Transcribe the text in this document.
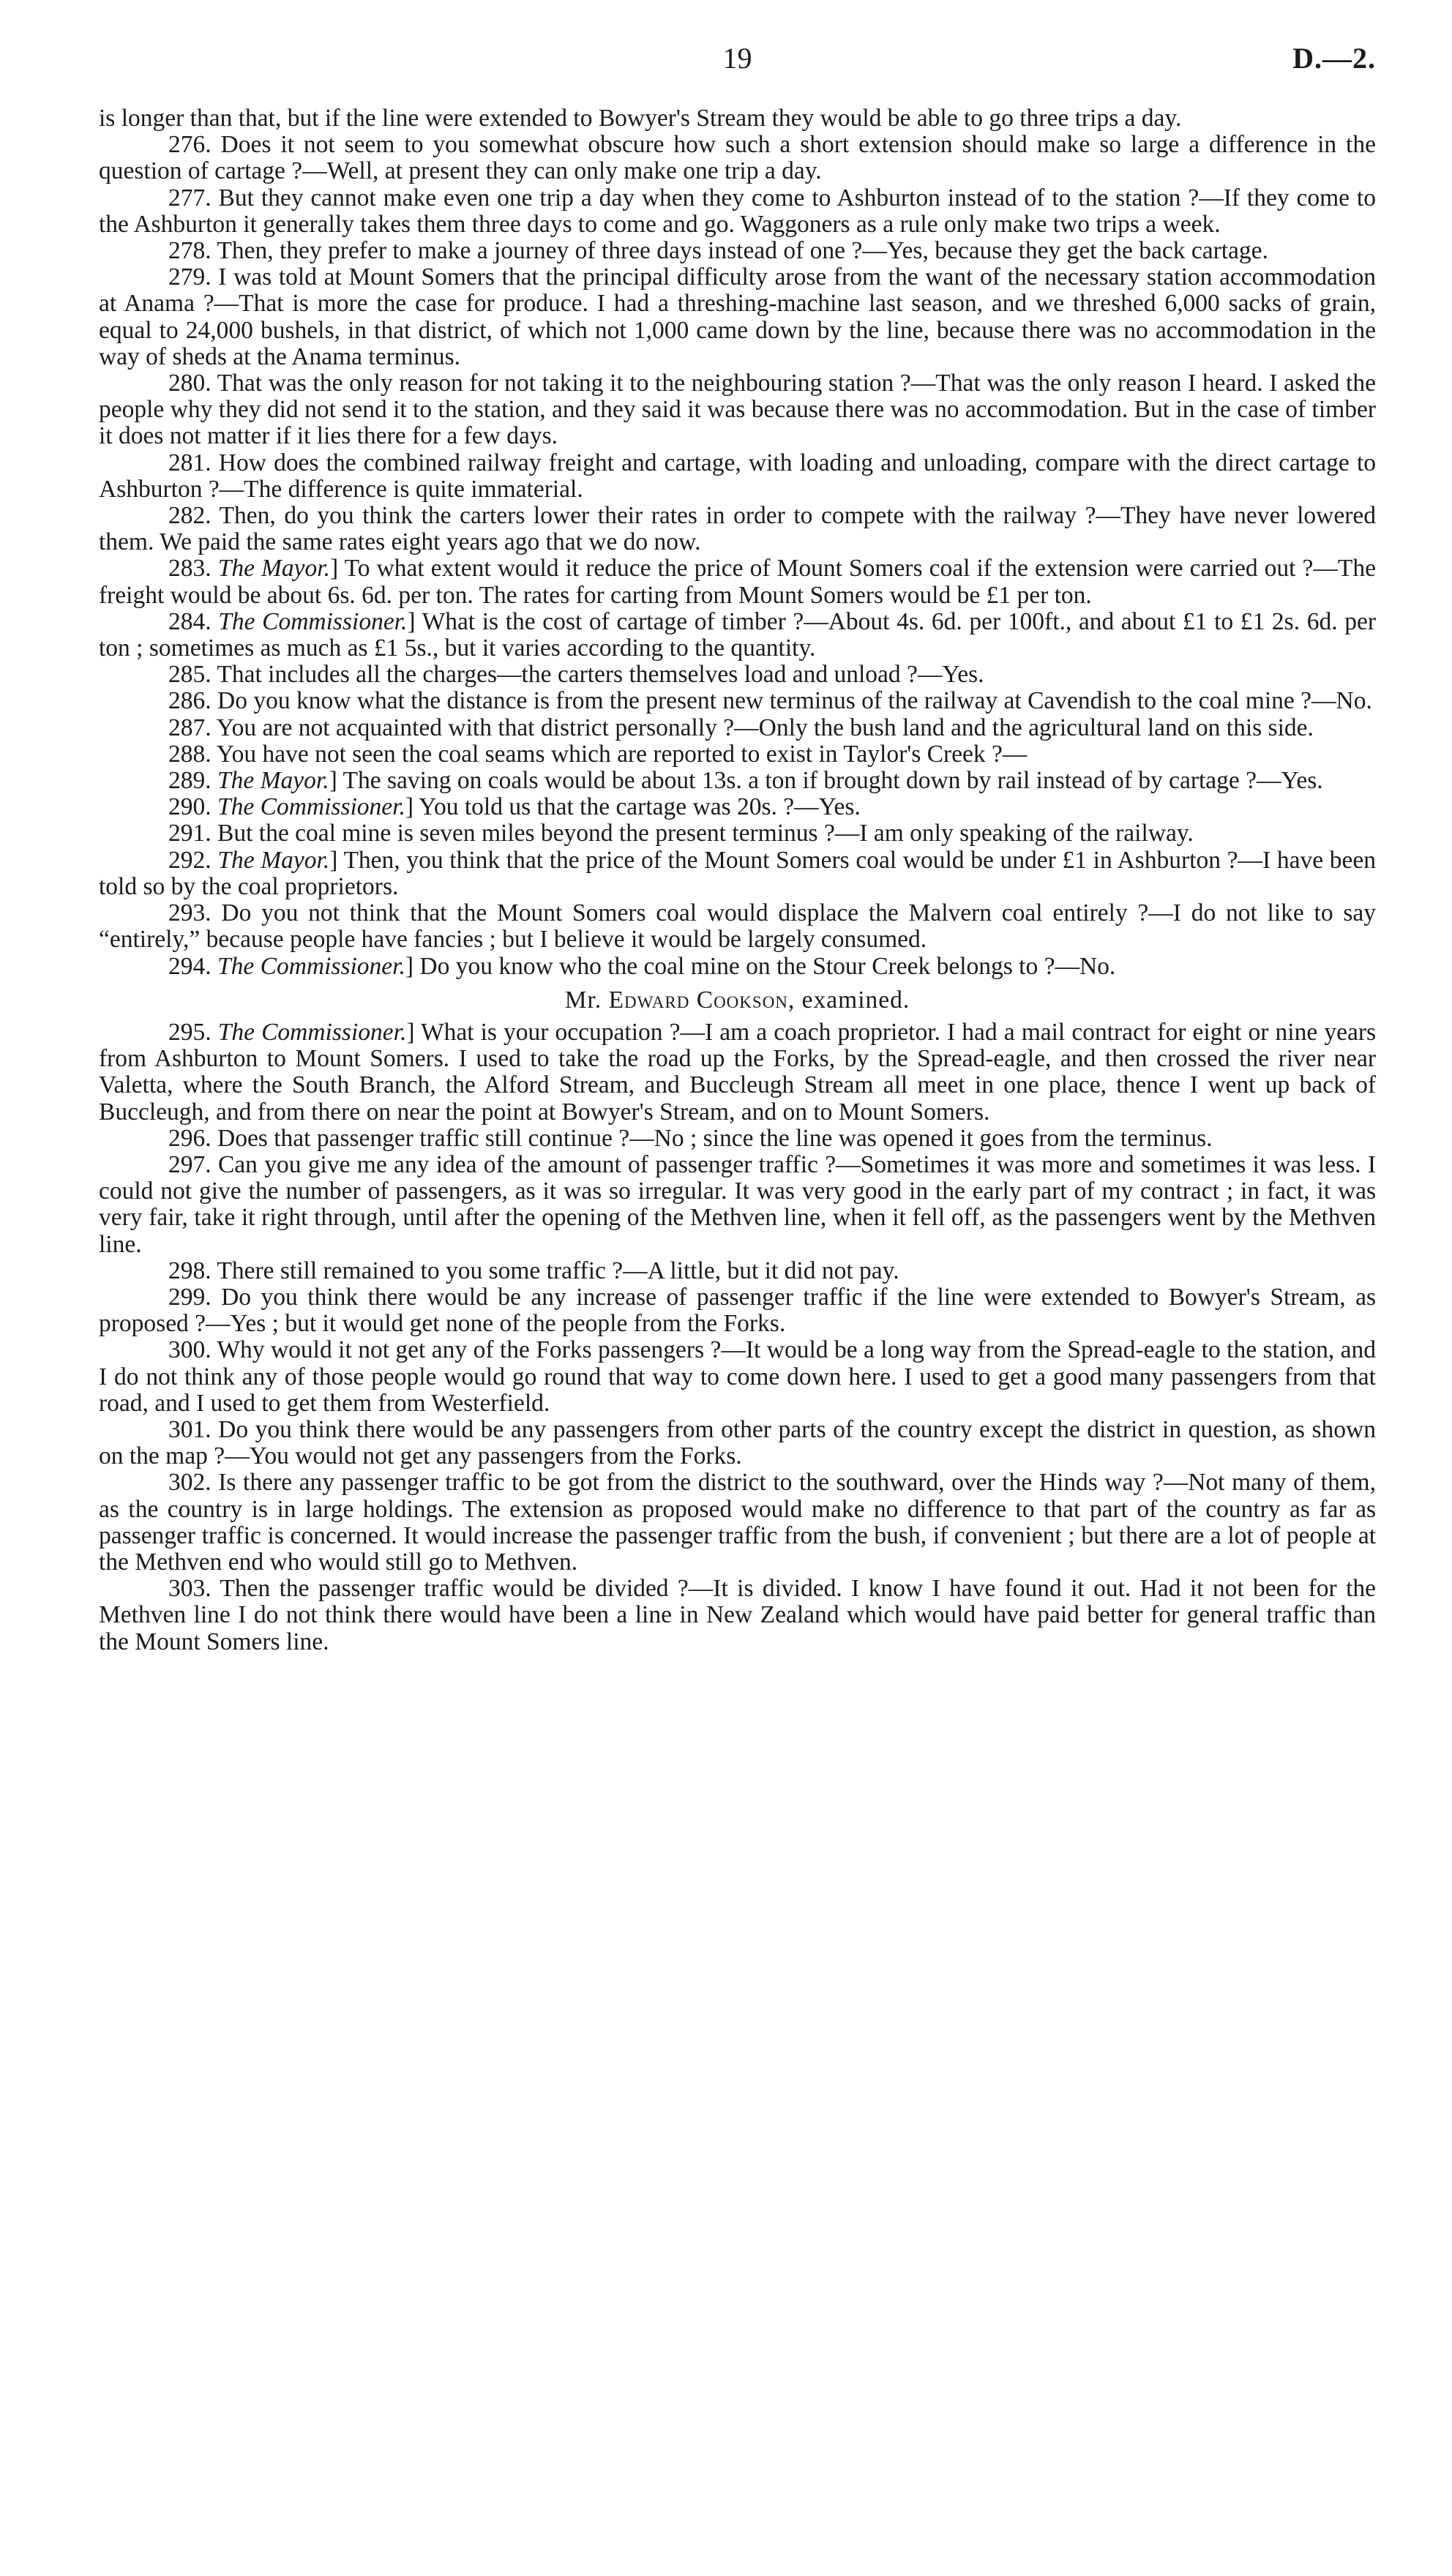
19	D.—2.

is longer than that, but if the line were extended to Bowyer's Stream they would be able to go three trips a day.

276. Does it not seem to you somewhat obscure how such a short extension should make so large a difference in the question of cartage ?—Well, at present they can only make one trip a day.

277. But they cannot make even one trip a day when they come to Ashburton instead of to the station ?—If they come to the Ashburton it generally takes them three days to come and go. Waggoners as a rule only make two trips a week.

278. Then, they prefer to make a journey of three days instead of one ?—Yes, because they get the back cartage.

279. I was told at Mount Somers that the principal difficulty arose from the want of the necessary station accommodation at Anama ?—That is more the case for produce. I had a threshing-machine last season, and we threshed 6,000 sacks of grain, equal to 24,000 bushels, in that district, of which not 1,000 came down by the line, because there was no accommodation in the way of sheds at the Anama terminus.

280. That was the only reason for not taking it to the neighbouring station ?—That was the only reason I heard. I asked the people why they did not send it to the station, and they said it was because there was no accommodation. But in the case of timber it does not matter if it lies there for a few days.

281. How does the combined railway freight and cartage, with loading and unloading, compare with the direct cartage to Ashburton ?—The difference is quite immaterial.

282. Then, do you think the carters lower their rates in order to compete with the railway ?—They have never lowered them. We paid the same rates eight years ago that we do now.

283. The Mayor.] To what extent would it reduce the price of Mount Somers coal if the extension were carried out ?—The freight would be about 6s. 6d. per ton. The rates for carting from Mount Somers would be £1 per ton.

284. The Commissioner.] What is the cost of cartage of timber ?—About 4s. 6d. per 100ft., and about £1 to £1 2s. 6d. per ton ; sometimes as much as £1 5s., but it varies according to the quantity.

285. That includes all the charges—the carters themselves load and unload ?—Yes.

286. Do you know what the distance is from the present new terminus of the railway at Cavendish to the coal mine ?—No.

287. You are not acquainted with that district personally ?—Only the bush land and the agricultural land on this side.

288. You have not seen the coal seams which are reported to exist in Taylor's Creek ?—

289. The Mayor.] The saving on coals would be about 13s. a ton if brought down by rail instead of by cartage ?—Yes.

290. The Commissioner.] You told us that the cartage was 20s. ?—Yes.

291. But the coal mine is seven miles beyond the present terminus ?—I am only speaking of the railway.

292. The Mayor.] Then, you think that the price of the Mount Somers coal would be under £1 in Ashburton ?—I have been told so by the coal proprietors.

293. Do you not think that the Mount Somers coal would displace the Malvern coal entirely ?—I do not like to say “entirely,” because people have fancies ; but I believe it would be largely consumed.

294. The Commissioner.] Do you know who the coal mine on the Stour Creek belongs to ?—No.

Mr. Edward Cookson, examined.

295. The Commissioner.] What is your occupation ?—I am a coach proprietor. I had a mail contract for eight or nine years from Ashburton to Mount Somers. I used to take the road up the Forks, by the Spread-eagle, and then crossed the river near Valetta, where the South Branch, the Alford Stream, and Buccleugh Stream all meet in one place, thence I went up back of Buccleugh, and from there on near the point at Bowyer's Stream, and on to Mount Somers.

296. Does that passenger traffic still continue ?—No ; since the line was opened it goes from the terminus.

297. Can you give me any idea of the amount of passenger traffic ?—Sometimes it was more and sometimes it was less. I could not give the number of passengers, as it was so irregular. It was very good in the early part of my contract ; in fact, it was very fair, take it right through, until after the opening of the Methven line, when it fell off, as the passengers went by the Methven line.

298. There still remained to you some traffic ?—A little, but it did not pay.

299. Do you think there would be any increase of passenger traffic if the line were extended to Bowyer's Stream, as proposed ?—Yes ; but it would get none of the people from the Forks.

300. Why would it not get any of the Forks passengers ?—It would be a long way from the Spread-eagle to the station, and I do not think any of those people would go round that way to come down here. I used to get a good many passengers from that road, and I used to get them from Westerfield.

301. Do you think there would be any passengers from other parts of the country except the district in question, as shown on the map ?—You would not get any passengers from the Forks.

302. Is there any passenger traffic to be got from the district to the southward, over the Hinds way ?—Not many of them, as the country is in large holdings. The extension as proposed would make no difference to that part of the country as far as passenger traffic is concerned. It would increase the passenger traffic from the bush, if convenient ; but there are a lot of people at the Methven end who would still go to Methven.

303. Then the passenger traffic would be divided ?—It is divided. I know I have found it out. Had it not been for the Methven line I do not think there would have been a line in New Zealand which would have paid better for general traffic than the Mount Somers line.
